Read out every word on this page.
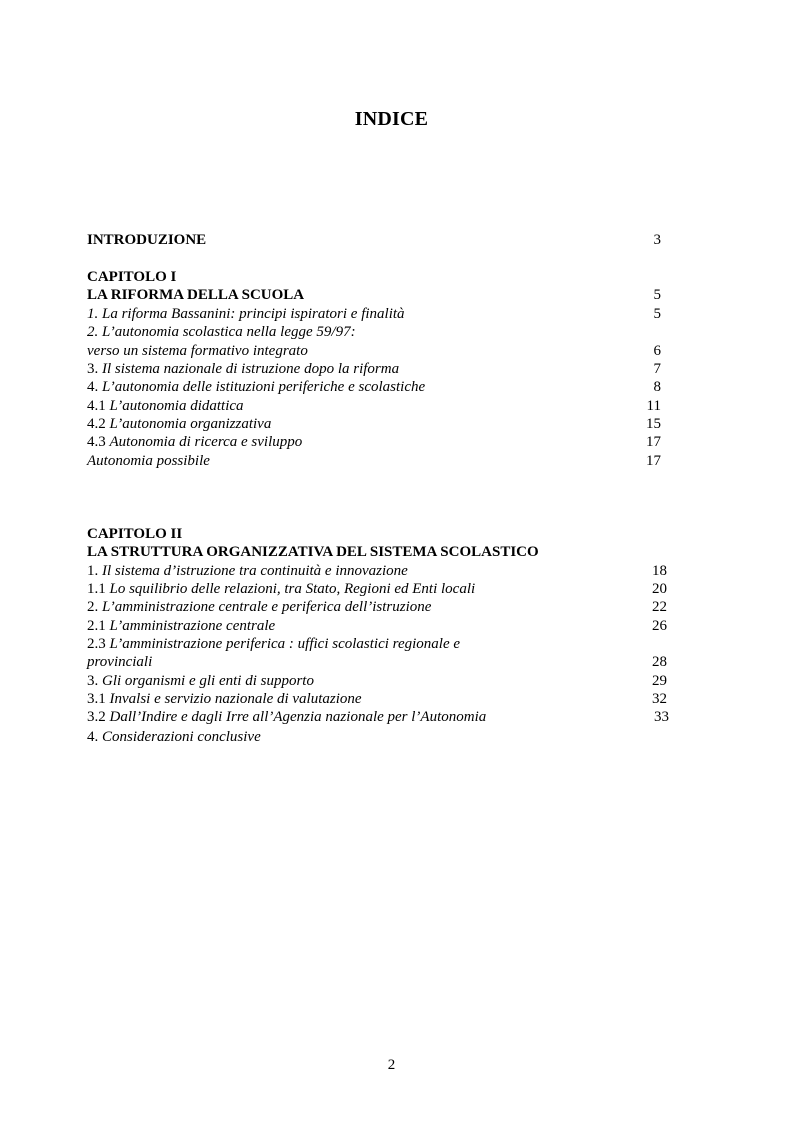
INDICE
INTRODUZIONE	3
CAPITOLO I
LA RIFORMA DELLA SCUOLA	5
1. La riforma Bassanini: principi ispiratori e finalità	5
2. L’autonomia scolastica nella legge 59/97:
verso un sistema formativo integrato	6
3. Il sistema nazionale di istruzione dopo la riforma	7
4. L’autonomia delle istituzioni periferiche e scolastiche	8
4.1 L’autonomia didattica	11
4.2 L’autonomia organizzativa	15
4.3 Autonomia di ricerca e sviluppo	17
Autonomia possibile	17
CAPITOLO II
LA STRUTTURA ORGANIZZATIVA DEL SISTEMA SCOLASTICO
1. Il sistema d’istruzione tra continuità e innovazione	18
1.1 Lo squilibrio delle relazioni, tra Stato, Regioni ed Enti locali	20
2. L’amministrazione centrale e periferica dell’istruzione	22
2.1 L’amministrazione centrale	26
2.3 L’amministrazione periferica : uffici scolastici regionale e
provinciali	28
3. Gli organismi e gli enti di supporto	29
3.1 Invalsi e servizio nazionale di valutazione	32
3.2 Dall’Indire e dagli Irre all’Agenzia nazionale per l’Autonomia	33
4. Considerazioni conclusive
2
